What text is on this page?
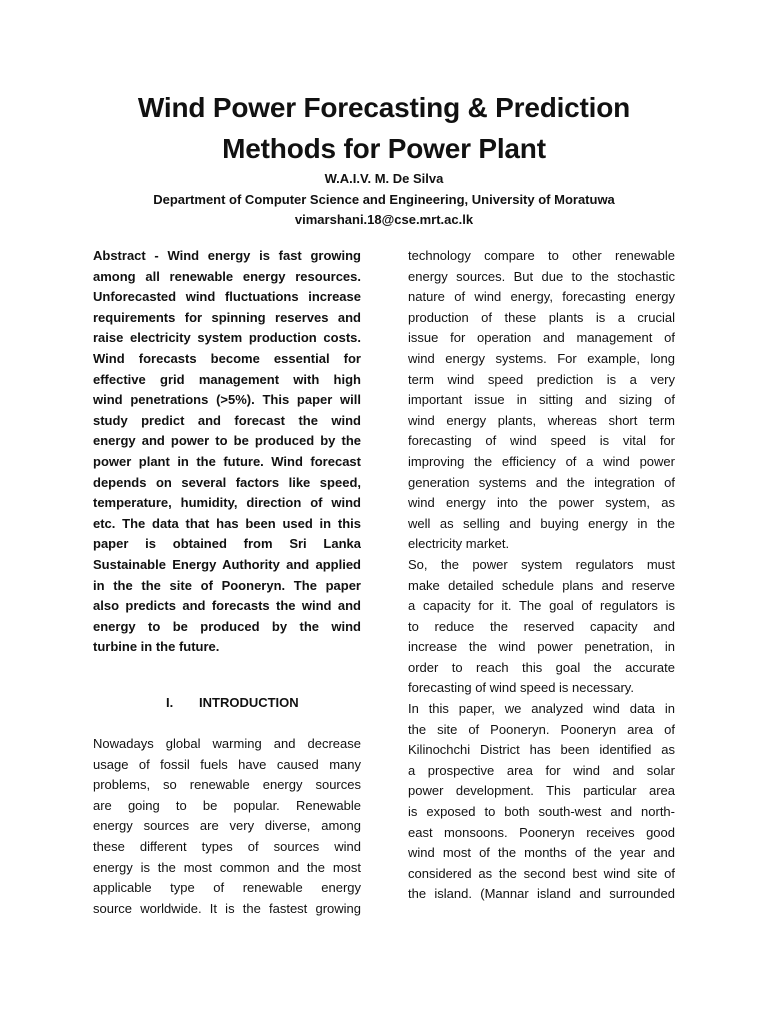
Wind Power Forecasting & Prediction
Methods for Power Plant

W.A.I.V. M. De Silva

Department of Computer Science and Engineering, University of Moratuwa

vimarshani.18@cse.mrt.ac.lk

Abstract - Wind energy is fast growing
among all renewable energy resources.
Unforecasted wind fluctuations increase
requirements for spinning reserves and
raise electricity system production costs.
Wind forecasts become essential for
effective grid management with high
wind penetrations (>5%). This paper will
study predict and forecast the wind
energy and power to be produced by the
power plant in the future. Wind forecast
depends on several factors like speed,
temperature, humidity, direction of wind
etc. The data that has been used in this
paper is obtained from Sri Lanka
Sustainable Energy Authority and applied
in the the site of Pooneryn. The paper
also predicts and forecasts the wind and
energy to be produced by the wind
turbine in the future.
I. INTRODUCTION
Nowadays global warming and decrease
usage of fossil fuels have caused many
problems, so renewable energy sources
are going to be popular. Renewable
energy sources are very diverse, among
these different types of sources wind
energy is the most common and the most
applicable type of renewable energy
source worldwide. It is the fastest growing
technology compare to other renewable
energy sources. But due to the stochastic
nature of wind energy, forecasting energy
production of these plants is a crucial
issue for operation and management of
wind energy systems. For example, long
term wind speed prediction is a very
important issue in sitting and sizing of
wind energy plants, whereas short term
forecasting of wind speed is vital for
improving the efficiency of a wind power
generation systems and the integration of
wind energy into the power system, as
well as selling and buying energy in the
electricity market.
So, the power system regulators must
make detailed schedule plans and reserve
a capacity for it. The goal of regulators is
to reduce the reserved capacity and
increase the wind power penetration, in
order to reach this goal the accurate
forecasting of wind speed is necessary.
In this paper, we analyzed wind data in
the site of Pooneryn. Pooneryn area of
Kilinochchi District has been identified as
a prospective area for wind and solar
power development. This particular area
is exposed to both south-west and north-
east monsoons. Pooneryn receives good
wind most of the months of the year and
considered as the second best wind site of
the island. (Mannar island and surrounded
